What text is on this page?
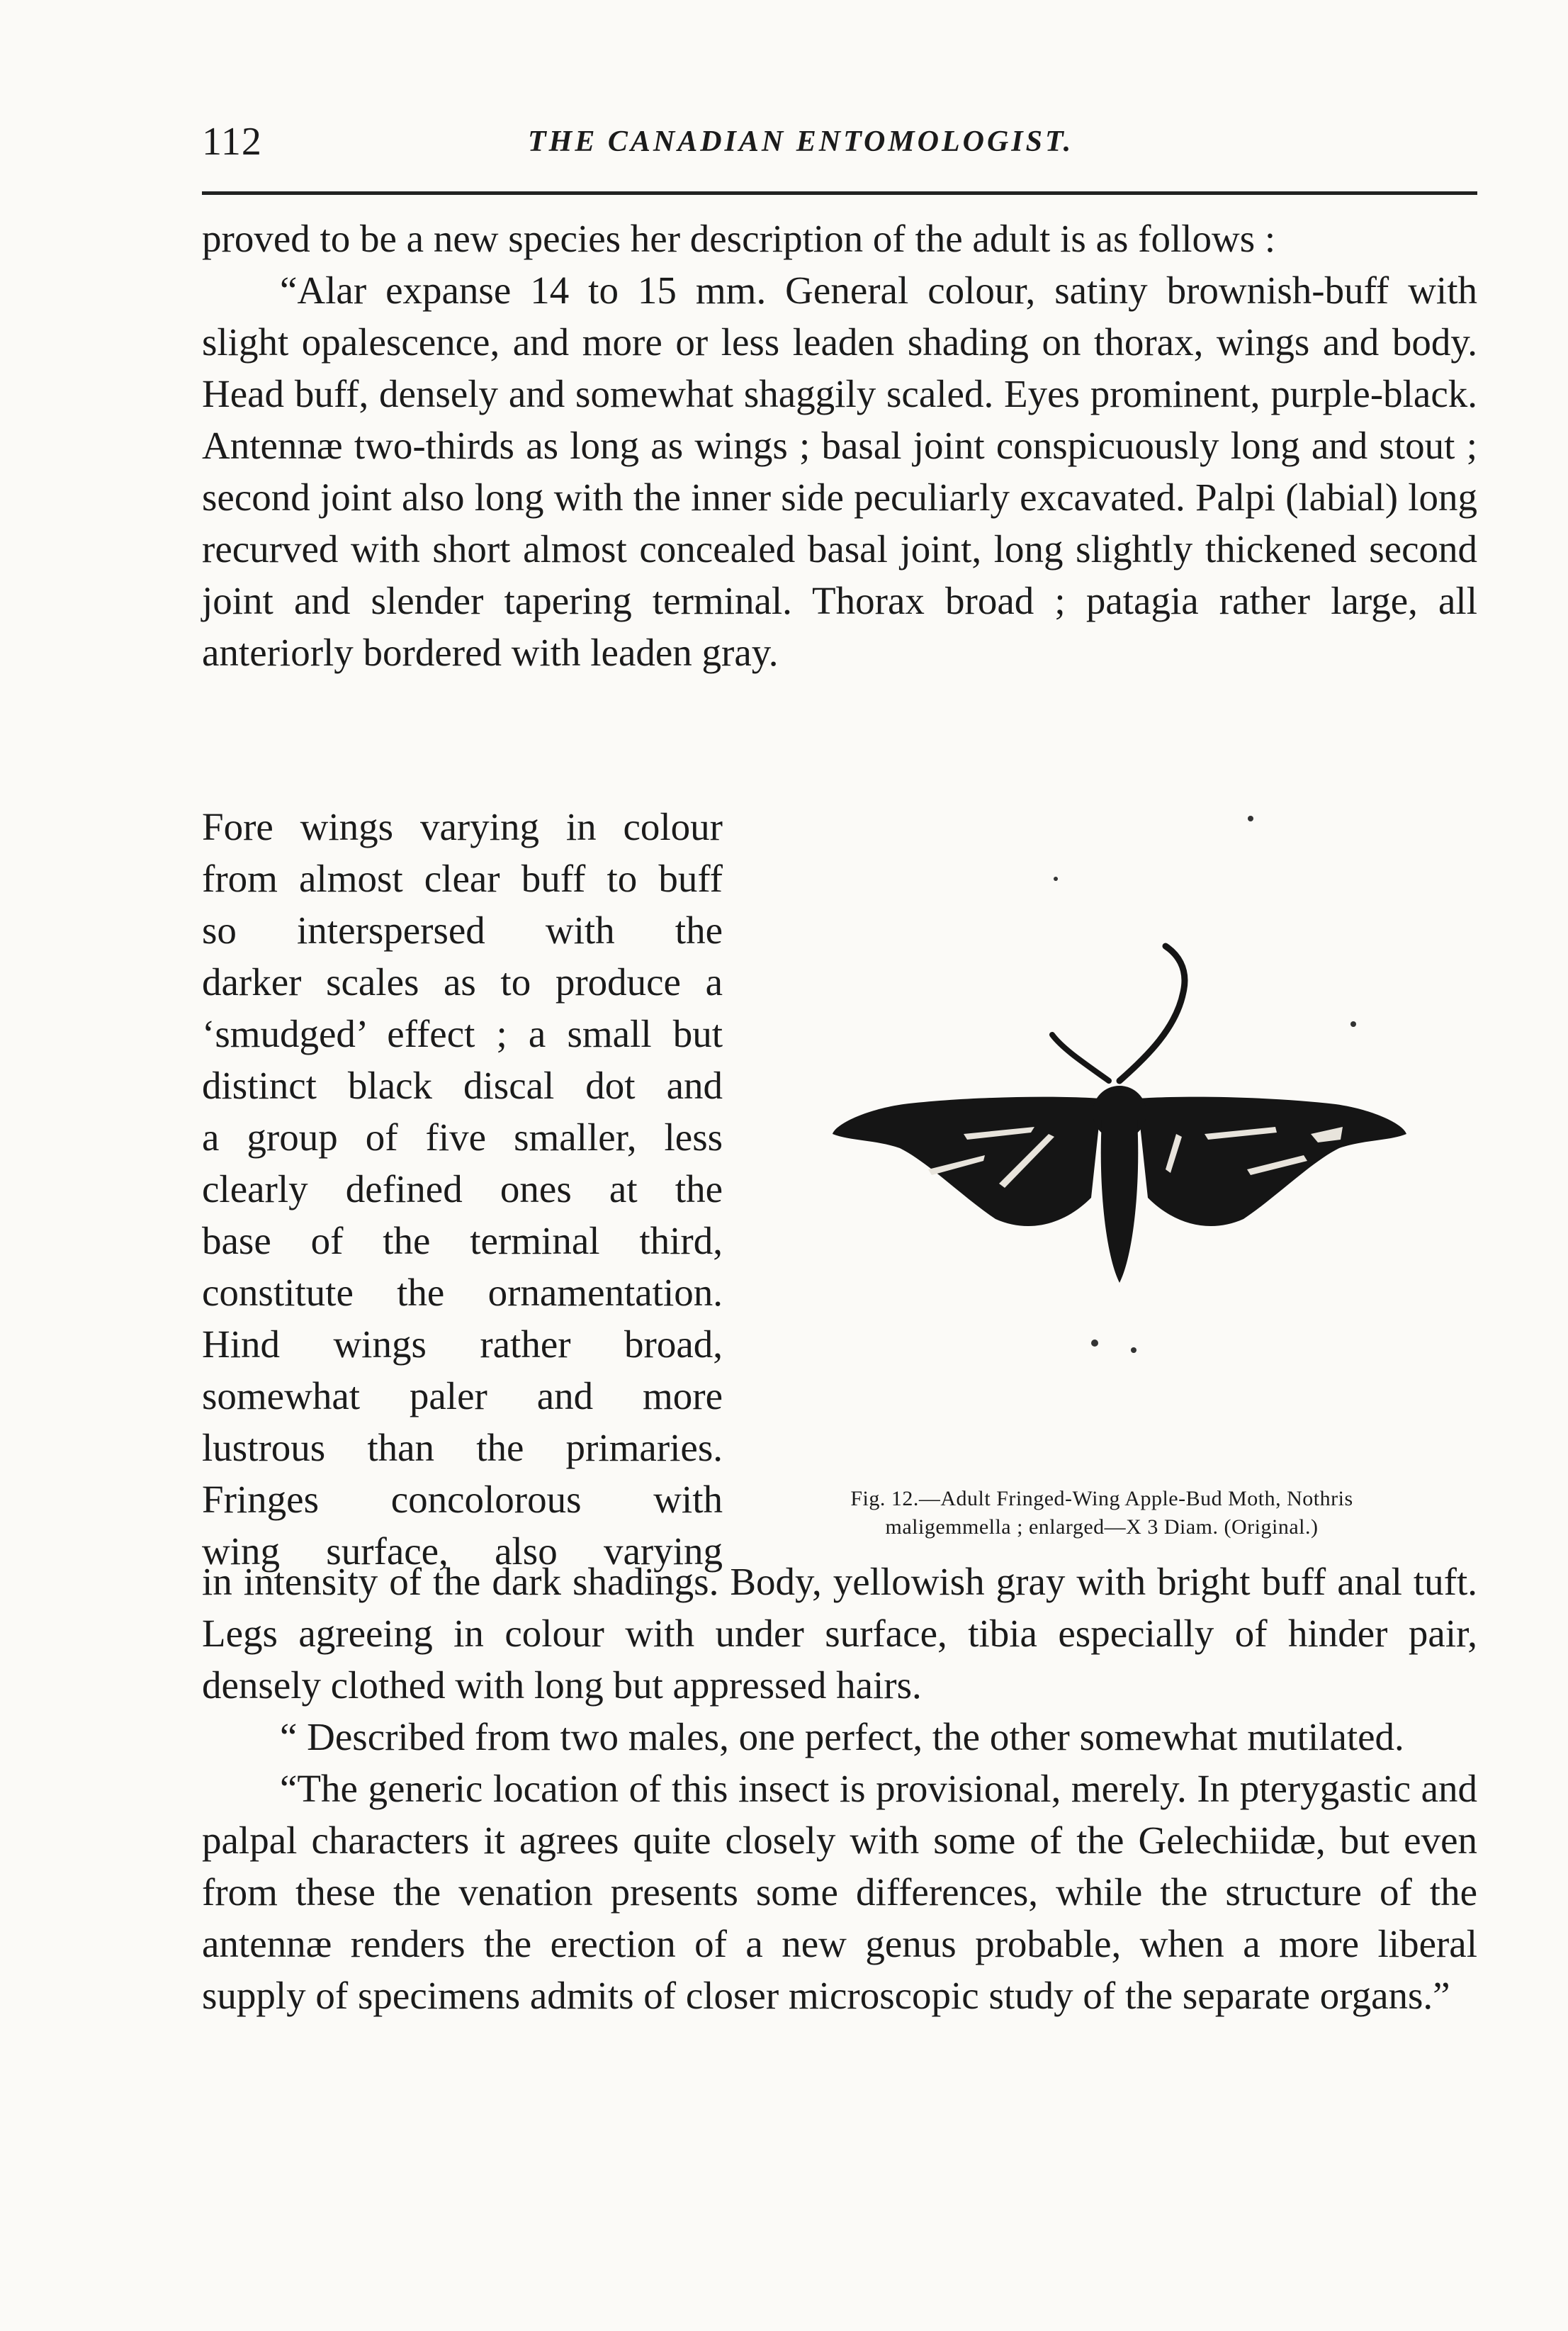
112	THE CANADIAN ENTOMOLOGIST.

proved to be a new species her description of the adult is as follows :

“Alar expanse 14 to 15 mm. General colour, satiny brownish-buff with slight opalescence, and more or less leaden shading on thorax, wings and body. Head buff, densely and somewhat shaggily scaled. Eyes prominent, purple-black. Antennæ two-thirds as long as wings ; basal joint conspicuously long and stout ; second joint also long with the inner side peculiarly excavated. Palpi (labial) long recurved with short almost concealed basal joint, long slightly thickened second joint and slender tapering terminal. Thorax broad ; patagia rather large, all anteriorly bordered with leaden gray.

Fore wings varying in colour
from almost clear buff to buff
so interspersed with the
darker scales as to produce a
‘smudged’ effect ; a small but
distinct black discal dot and
a group of five smaller, less
clearly defined ones at the
base of the terminal third,
constitute the ornamentation.
Hind wings rather broad,
somewhat paler and more
lustrous than the primaries.
Fringes concolorous with
wing surface, also varying
Fig. 12.—Adult Fringed-Wing Apple-Bud Moth, Nothris
maligemmella ; enlarged—X 3 Diam. (Original.)

in intensity of the dark shadings. Body, yellowish gray with bright buff anal tuft. Legs agreeing in colour with under surface, tibia especially of hinder pair, densely clothed with long but appressed hairs.

“ Described from two males, one perfect, the other somewhat mutilated.

“The generic location of this insect is provisional, merely. In pterygastic and palpal characters it agrees quite closely with some of the Gelechiidæ, but even from these the venation presents some differences, while the structure of the antennæ renders the erection of a new genus probable, when a more liberal supply of specimens admits of closer microscopic study of the separate organs.”
